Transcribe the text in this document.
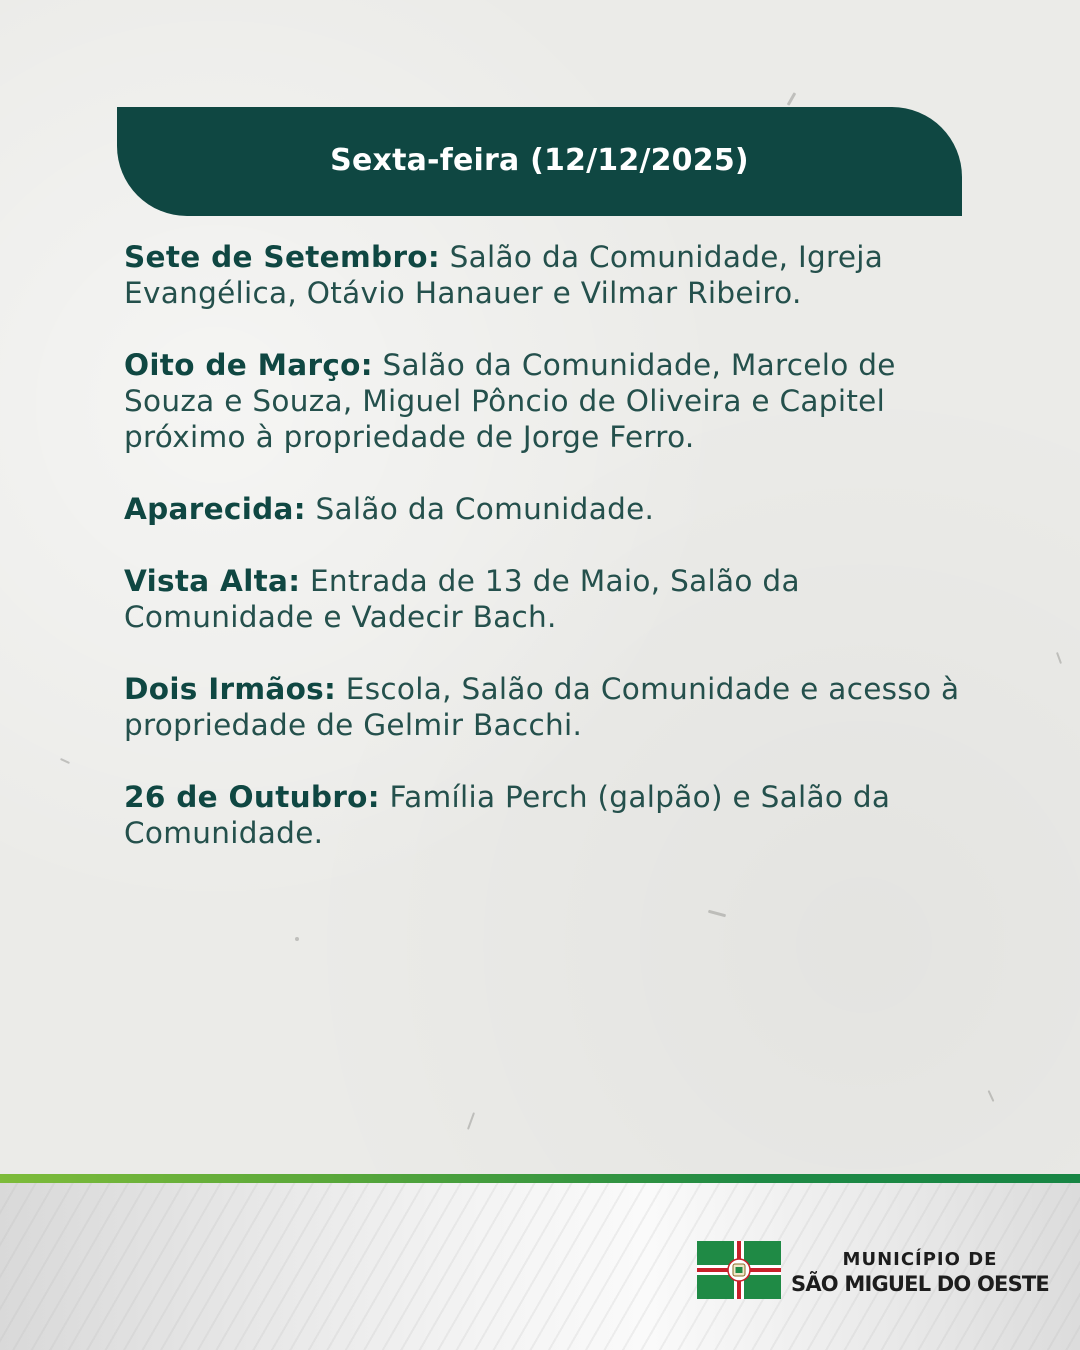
Sexta-feira (12/12/2025)

Sete de Setembro: Salão da Comunidade, Igreja Evangélica, Otávio Hanauer e Vilmar Ribeiro.

Oito de Março: Salão da Comunidade, Marcelo de Souza e Souza, Miguel Pôncio de Oliveira e Capitel próximo à propriedade de Jorge Ferro.

Aparecida: Salão da Comunidade.

Vista Alta: Entrada de 13 de Maio, Salão da Comunidade e Vadecir Bach.

Dois Irmãos: Escola, Salão da Comunidade e acesso à propriedade de Gelmir Bacchi.

26 de Outubro: Família Perch (galpão) e Salão da Comunidade.

MUNICÍPIO DE
SÃO MIGUEL DO OESTE
